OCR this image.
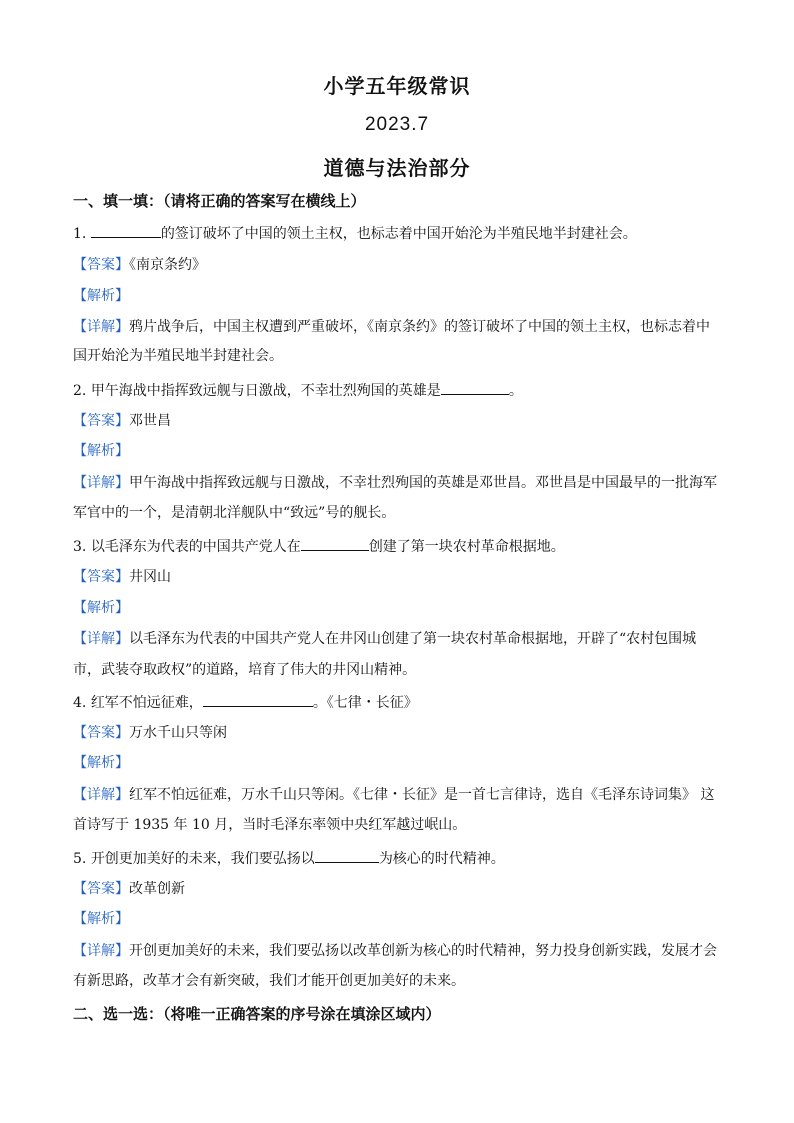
小学五年级常识
2023.7
道德与法治部分
一、填一填：（请将正确的答案写在横线上）
1.	的签订破坏了中国的领土主权，也标志着中国开始沦为半殖民地半封建社会。
【答案】《南京条约》
【解析】
【详解】鸦片战争后，中国主权遭到严重破坏，《南京条约》的签订破坏了中国的领土主权，也标志着中
国开始沦为半殖民地半封建社会。
2. 甲午海战中指挥致远舰与日激战，不幸壮烈殉国的英雄是	。
【答案】邓世昌
【解析】
【详解】甲午海战中指挥致远舰与日激战，不幸壮烈殉国的英雄是邓世昌。邓世昌是中国最早的一批海军
军官中的一个，是清朝北洋舰队中“致远”号的舰长。
3. 以毛泽东为代表的中国共产党人在	创建了第一块农村革命根据地。
【答案】井冈山
【解析】
【详解】以毛泽东为代表的中国共产党人在井冈山创建了第一块农村革命根据地，开辟了“农村包围城
市，武装夺取政权”的道路，培育了伟大的井冈山精神。
4. 红军不怕远征难，	。《七律・长征》
【答案】万水千山只等闲
【解析】
【详解】红军不怕远征难，万水千山只等闲。《七律・长征》是一首七言律诗，选自《毛泽东诗词集》 这
首诗写于 1935 年 10 月，当时毛泽东率领中央红军越过岷山。
5. 开创更加美好的未来，我们要弘扬以	为核心的时代精神。
【答案】改革创新
【解析】
【详解】开创更加美好的未来，我们要弘扬以改革创新为核心的时代精神，努力投身创新实践，发展才会
有新思路，改革才会有新突破，我们才能开创更加美好的未来。
二、选一选：（将唯一正确答案的序号涂在填涂区域内）
